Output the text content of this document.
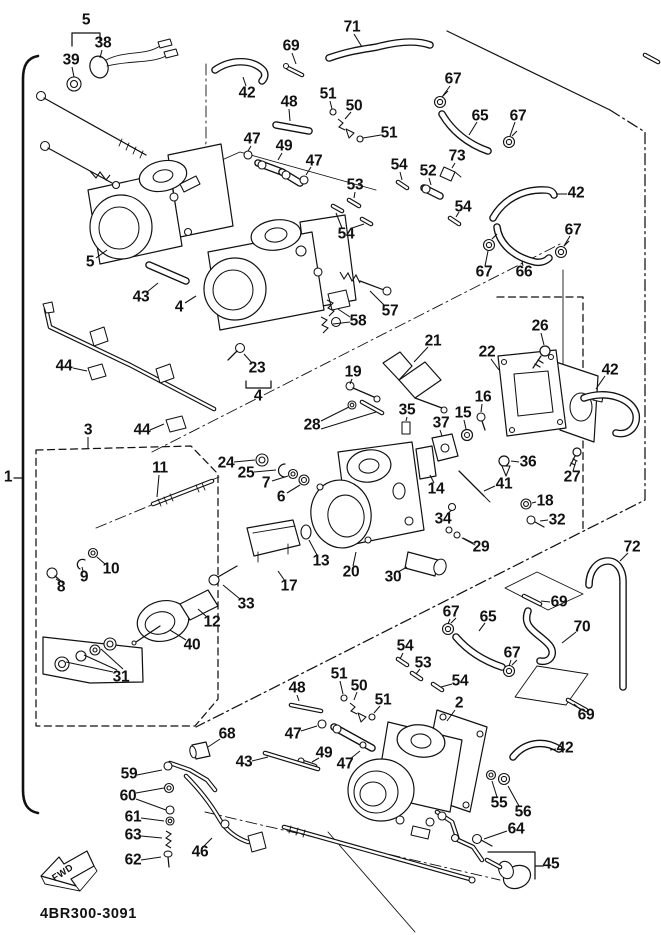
5
38
39
69
71
42
48 51
50
67
65 67
51
47 49
47	73
54 52
53
54
54
42
67
66
67
5
43
4	57
58	26
44	23
4
21
22
42
19
3	44	28
35
37
15
16
1
11	24
25
7
6
36
41	27
14
34
18
32
29
20 30
13
17
33
12
10
9
8
40
31
72
69
67 65
70
48
47
68
43
49
54
53
54
67
51
50
51	2
69
42
47
55
56
64
45
59
60
61
63
62	46
FWD
4BR300-3091
